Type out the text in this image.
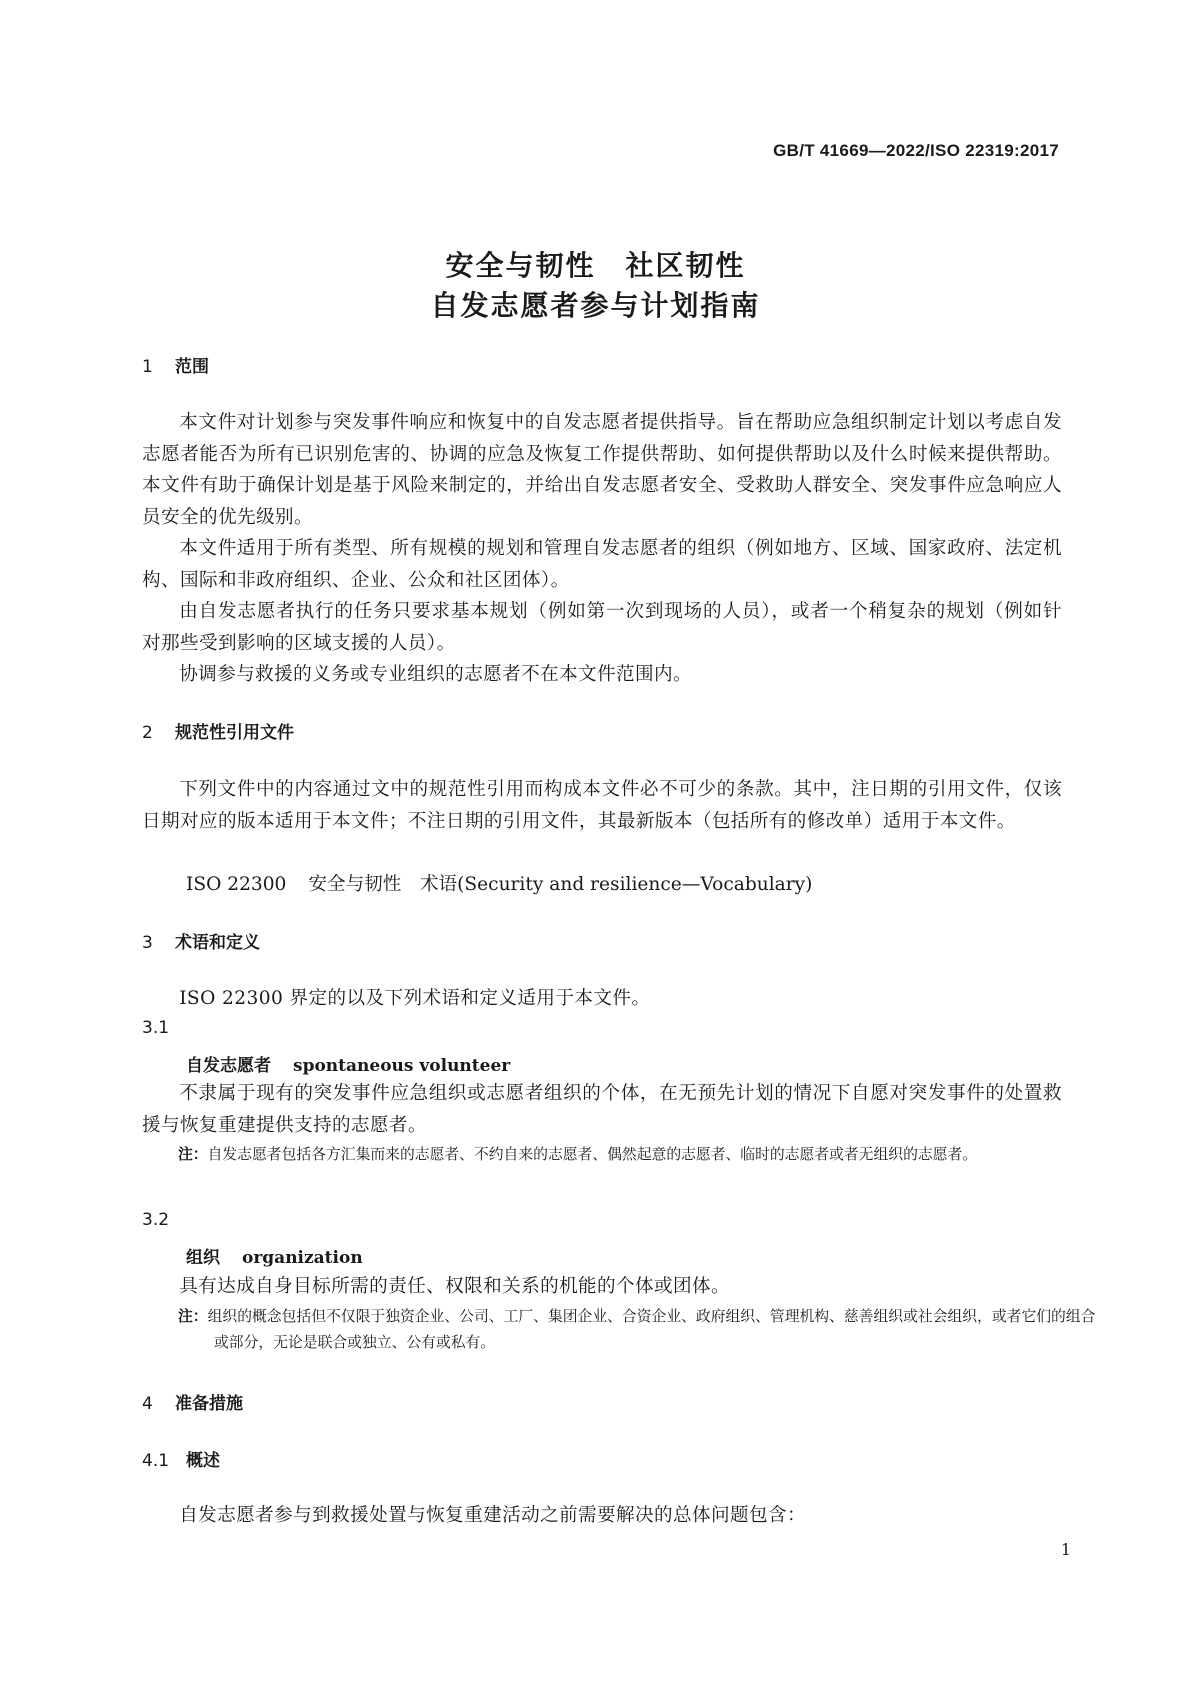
GB/T 41669—2022/ISO 22319:2017
安全与韧性　社区韧性
自发志愿者参与计划指南
1 范围
本文件对计划参与突发事件响应和恢复中的自发志愿者提供指导。旨在帮助应急组织制定计划以考虑自发志愿者能否为所有已识别危害的、协调的应急及恢复工作提供帮助、如何提供帮助以及什么时候来提供帮助。本文件有助于确保计划是基于风险来制定的，并给出自发志愿者安全、受救助人群安全、突发事件应急响应人员安全的优先级别。
本文件适用于所有类型、所有规模的规划和管理自发志愿者的组织（例如地方、区域、国家政府、法定机构、国际和非政府组织、企业、公众和社区团体）。
由自发志愿者执行的任务只要求基本规划（例如第一次到现场的人员），或者一个稍复杂的规划（例如针对那些受到影响的区域支援的人员）。
协调参与救援的义务或专业组织的志愿者不在本文件范围内。
2 规范性引用文件
下列文件中的内容通过文中的规范性引用而构成本文件必不可少的条款。其中，注日期的引用文件，仅该日期对应的版本适用于本文件；不注日期的引用文件，其最新版本（包括所有的修改单）适用于本文件。
ISO 22300 安全与韧性　术语(Security and resilience—Vocabulary)
3 术语和定义
ISO 22300 界定的以及下列术语和定义适用于本文件。
3.1
自发志愿者 spontaneous volunteer
不隶属于现有的突发事件应急组织或志愿者组织的个体，在无预先计划的情况下自愿对突发事件的处置救援与恢复重建提供支持的志愿者。
注：自发志愿者包括各方汇集而来的志愿者、不约自来的志愿者、偶然起意的志愿者、临时的志愿者或者无组织的志愿者。
3.2
组织 organization
具有达成自身目标所需的责任、权限和关系的机能的个体或团体。
注：组织的概念包括但不仅限于独资企业、公司、工厂、集团企业、合资企业、政府组织、管理机构、慈善组织或社会组织，或者它们的组合或部分，无论是联合或独立、公有或私有。
4 准备措施
4.1 概述
自发志愿者参与到救援处置与恢复重建活动之前需要解决的总体问题包含：
1
